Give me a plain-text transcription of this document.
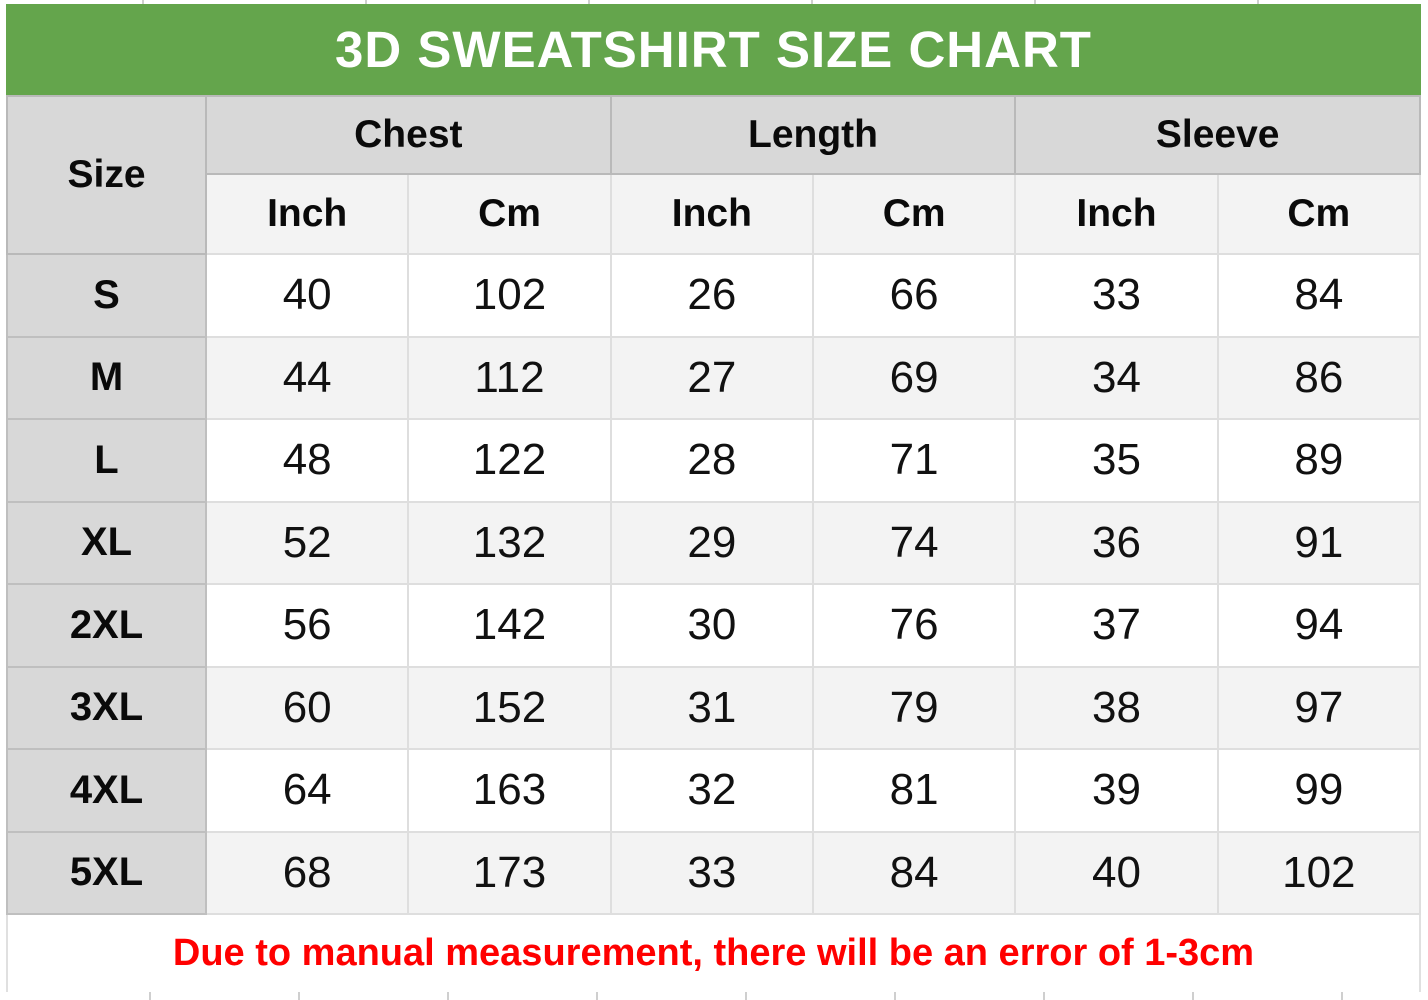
3D SWEATSHIRT SIZE CHART
Size	Chest		Length		Sleeve	
	Inch	Cm	Inch	Cm	Inch	Cm
S	40	102	26	66	33	84
M	44	112	27	69	34	86
L	48	122	28	71	35	89
XL	52	132	29	74	36	91
2XL	56	142	30	76	37	94
3XL	60	152	31	79	38	97
4XL	64	163	32	81	39	99
5XL	68	173	33	84	40	102
Due to manual measurement, there will be an error of 1-3cm						
